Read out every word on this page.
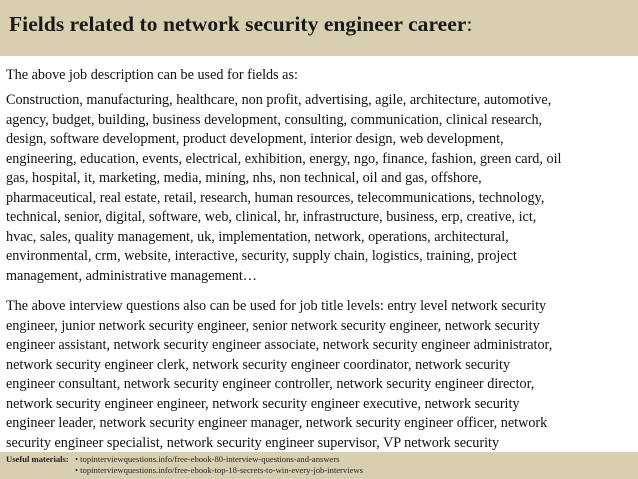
Fields related to network security engineer career:

The above job description can be used for fields as:

Construction, manufacturing, healthcare, non profit, advertising, agile, architecture, automotive,
agency, budget, building, business development, consulting, communication, clinical research,
design, software development, product development, interior design, web development,
engineering, education, events, electrical, exhibition, energy, ngo, finance, fashion, green card, oil
gas, hospital, it, marketing, media, mining, nhs, non technical, oil and gas, offshore,
pharmaceutical, real estate, retail, research, human resources, telecommunications, technology,
technical, senior, digital, software, web, clinical, hr, infrastructure, business, erp, creative, ict,
hvac, sales, quality management, uk, implementation, network, operations, architectural,
environmental, crm, website, interactive, security, supply chain, logistics, training, project
management, administrative management…

The above interview questions also can be used for job title levels: entry level network security
engineer, junior network security engineer, senior network security engineer, network security
engineer assistant, network security engineer associate, network security engineer administrator,
network security engineer clerk, network security engineer coordinator, network security
engineer consultant, network security engineer controller, network security engineer director,
network security engineer engineer, network security engineer executive, network security
engineer leader, network security engineer manager, network security engineer officer, network
security engineer specialist, network security engineer supervisor, VP network security

Useful materials: • topinterviewquestions.info/free-ebook-80-interview-questions-and-answers
• topinterviewquestions.info/free-ebook-top-18-secrets-to-win-every-job-interviews
